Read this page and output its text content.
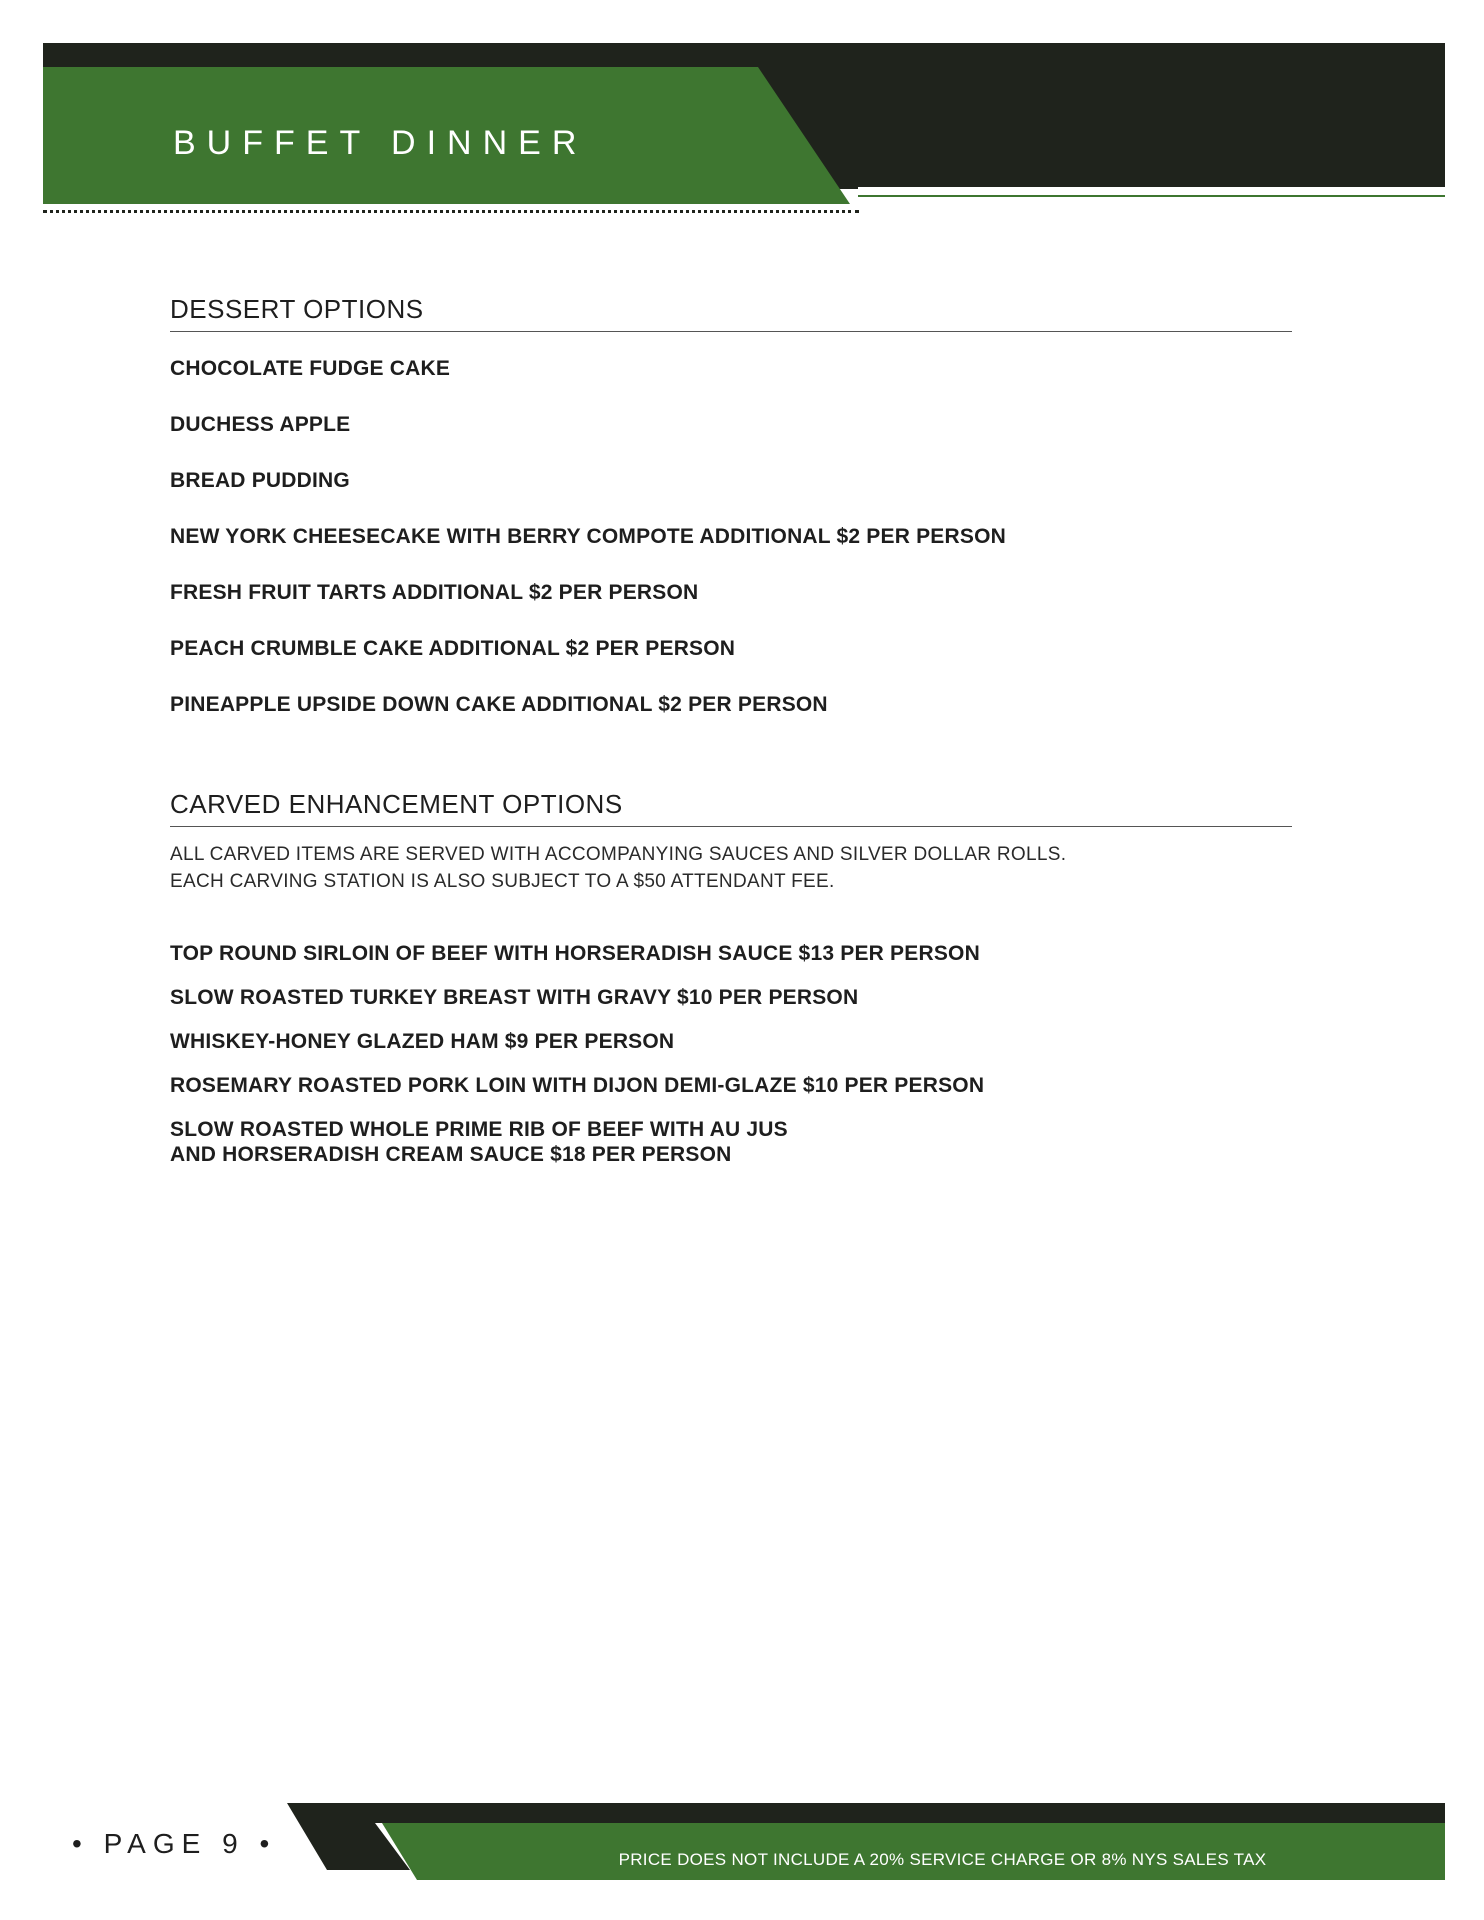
BUFFET DINNER
DESSERT OPTIONS

CHOCOLATE FUDGE CAKE

DUCHESS APPLE

BREAD PUDDING

NEW YORK CHEESECAKE WITH BERRY COMPOTE ADDITIONAL $2 PER PERSON

FRESH FRUIT TARTS ADDITIONAL $2 PER PERSON

PEACH CRUMBLE CAKE ADDITIONAL $2 PER PERSON

PINEAPPLE UPSIDE DOWN CAKE ADDITIONAL $2 PER PERSON

CARVED ENHANCEMENT OPTIONS

ALL CARVED ITEMS ARE SERVED WITH ACCOMPANYING SAUCES AND SILVER DOLLAR ROLLS.

EACH CARVING STATION IS ALSO SUBJECT TO A $50 ATTENDANT FEE.

TOP ROUND SIRLOIN OF BEEF WITH HORSERADISH SAUCE $13 PER PERSON

SLOW ROASTED TURKEY BREAST WITH GRAVY $10 PER PERSON

WHISKEY-HONEY GLAZED HAM $9 PER PERSON

ROSEMARY ROASTED PORK LOIN WITH DIJON DEMI-GLAZE $10 PER PERSON

SLOW ROASTED WHOLE PRIME RIB OF BEEF WITH AU JUS
AND HORSERADISH CREAM SAUCE $18 PER PERSON

• PAGE 9 •
PRICE DOES NOT INCLUDE A 20% SERVICE CHARGE OR 8% NYS SALES TAX
